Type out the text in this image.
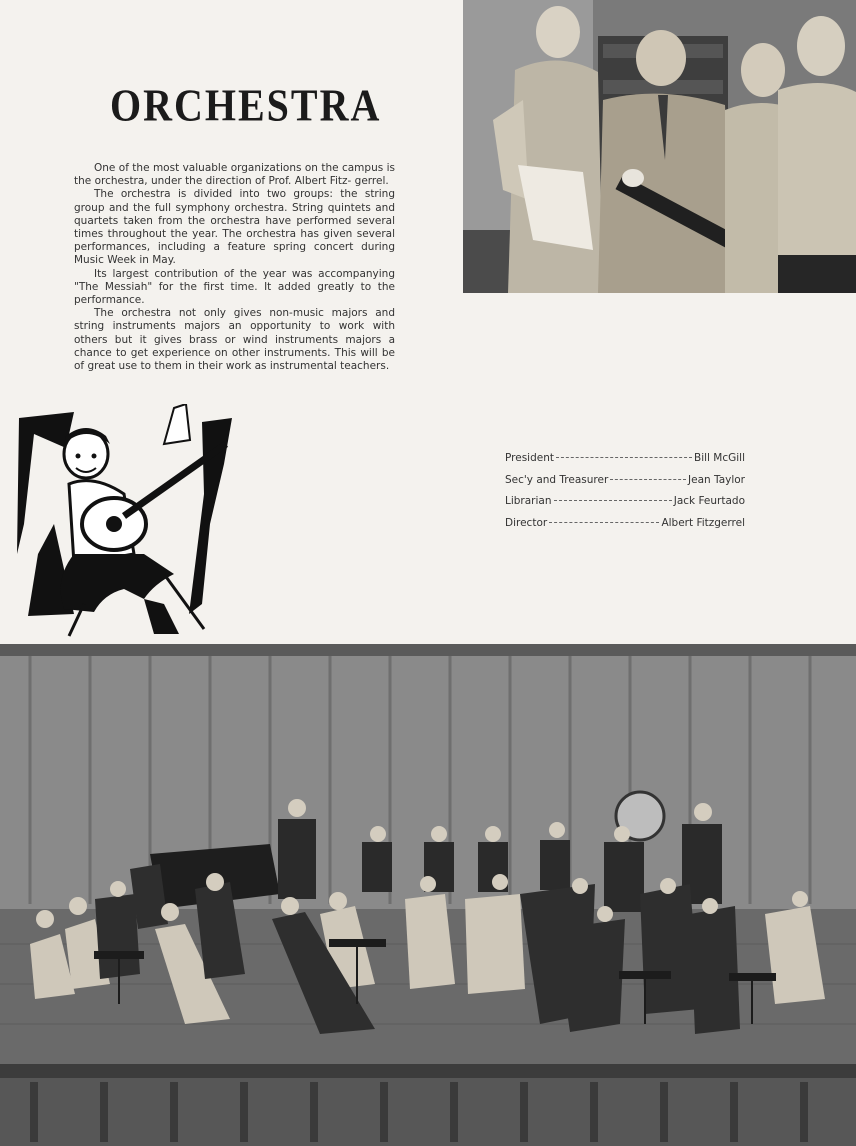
ORCHESTRA

One of the most valuable organizations on the campus is the orchestra, under the direction of Prof. Albert Fitz- gerrel.

The orchestra is divided into two groups: the string group and the full symphony orchestra. String quintets and quartets taken from the orchestra have performed several times throughout the year. The orchestra has given several performances, including a feature spring concert during Music Week in May.

Its largest contribution of the year was accompanying "The Messiah" for the first time. It added greatly to the performance.

The orchestra not only gives non-music majors and string instruments majors an opportunity to work with others but it gives brass or wind instruments majors a chance to get experience on other instruments. This will be of great use to them in their work as instrumental teachers.

President	Bill McGill
Sec'y and Treasurer	Jean Taylor
Librarian	Jack Feurtado
Director	Albert Fitzgerrel
